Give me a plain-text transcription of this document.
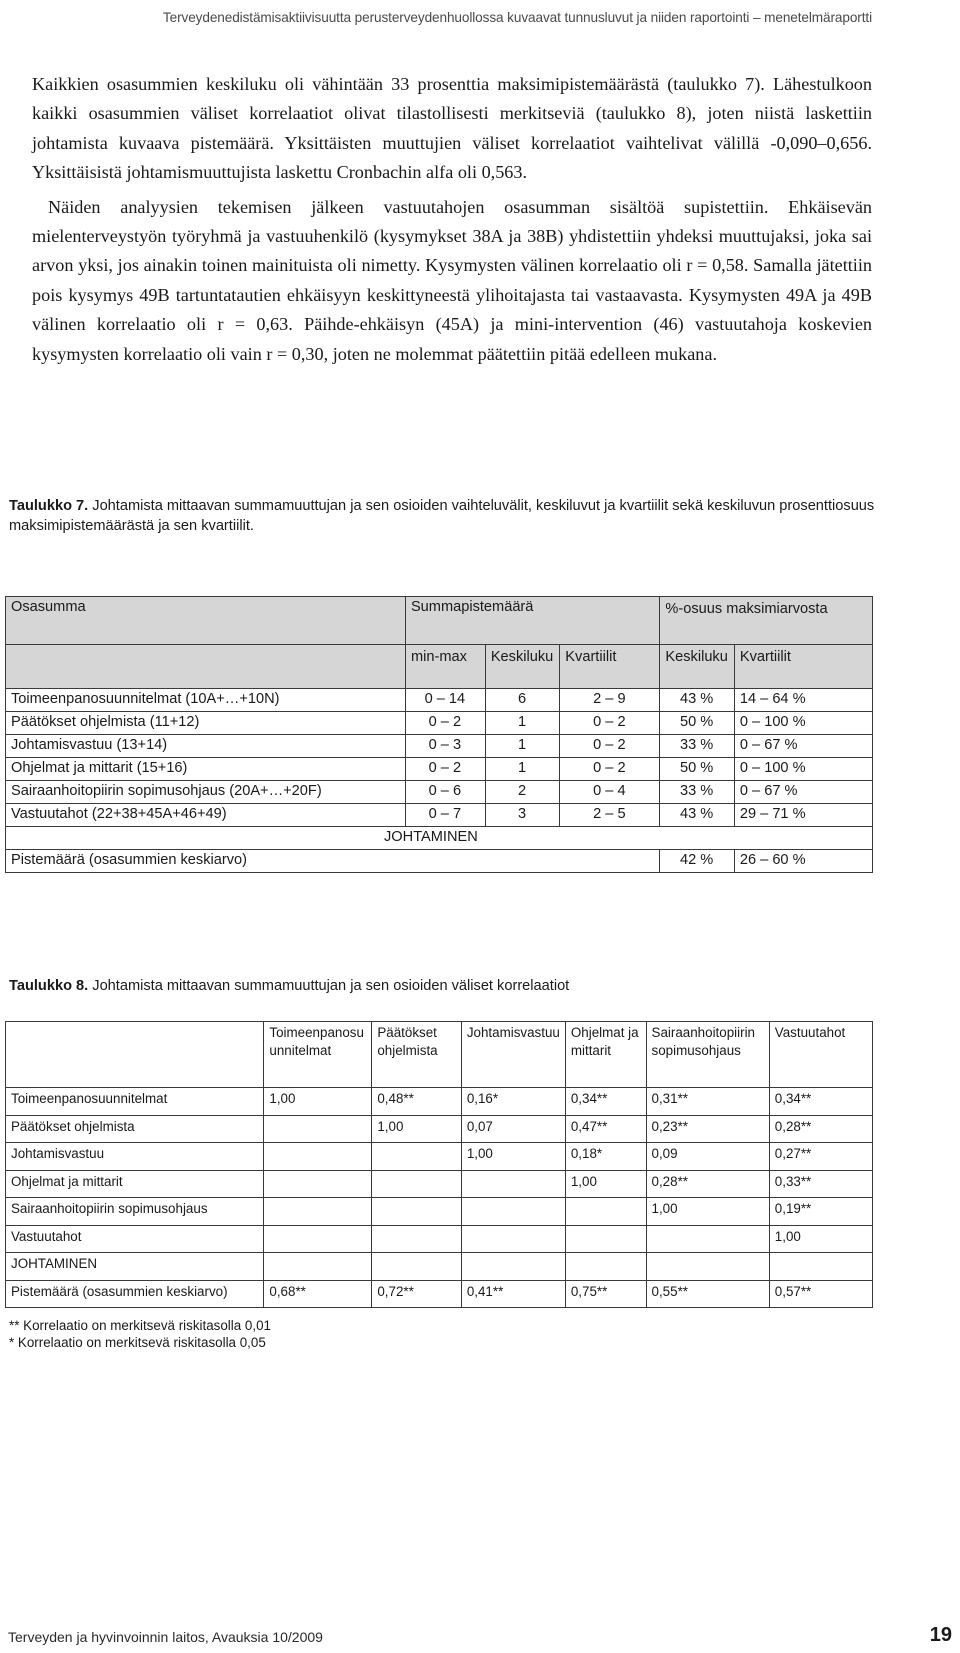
Terveydenedistämisaktiivisuutta perusterveydenhuollossa kuvaavat tunnusluvut ja niiden raportointi – menetelmäraportti

Kaikkien osasummien keskiluku oli vähintään 33 prosenttia maksimipistemäärästä (taulukko 7). Lähestulkoon kaikki osasummien väliset korrelaatiot olivat tilastollisesti merkitseviä (taulukko 8), joten niistä laskettiin johtamista kuvaava pistemäärä. Yksittäisten muuttujien väliset korrelaatiot vaihtelivat välillä -0,090–0,656. Yksittäisistä johtamismuuttujista laskettu Cronbachin alfa oli 0,563.

Näiden analyysien tekemisen jälkeen vastuutahojen osasumman sisältöä supistettiin. Ehkäisevän mielenterveystyön työryhmä ja vastuuhenkilö (kysymykset 38A ja 38B) yhdistettiin yhdeksi muuttujaksi, joka sai arvon yksi, jos ainakin toinen mainituista oli nimetty. Kysymysten välinen korrelaatio oli r = 0,58. Samalla jätettiin pois kysymys 49B tartuntatautien ehkäisyyn keskittyneestä ylihoitajasta tai vastaavasta. Kysymysten 49A ja 49B välinen korrelaatio oli r = 0,63. Päihde-ehkäisyn (45A) ja mini-intervention (46) vastuutahoja koskevien kysymysten korrelaatio oli vain r = 0,30, joten ne molemmat päätettiin pitää edelleen mukana.

Taulukko 7. Johtamista mittaavan summamuuttujan ja sen osioiden vaihteluvälit, keskiluvut ja kvartiilit sekä keskiluvun prosenttiosuus maksimipistemäärästä ja sen kvartiilit.
Osasumma	Summapistemäärä			%-osuus maksimiarvosta	
	min-max	Keskiluku	Kvartiilit	Keskiluku	Kvartiilit
Toimeenpanosuunnitelmat (10A+…+10N)	0 – 14	6	2 – 9	43 %	14 – 64 %
Päätökset ohjelmista (11+12)	0 – 2	1	0 – 2	50 %	0 – 100 %
Johtamisvastuu (13+14)	0 – 3	1	0 – 2	33 %	0 – 67 %
Ohjelmat ja mittarit (15+16)	0 – 2	1	0 – 2	50 %	0 – 100 %
Sairaanhoitopiirin sopimusohjaus (20A+…+20F)	0 – 6	2	0 – 4	33 %	0 – 67 %
Vastuutahot (22+38+45A+46+49)	0 – 7	3	2 – 5	43 %	29 – 71 %
JOHTAMINEN					
Pistemäärä (osasummien keskiarvo)				42 %	26 – 60 %
Taulukko 8. Johtamista mittaavan summamuuttujan ja sen osioiden väliset korrelaatiot
	Toimeenpanosuunnitelmat	Päätökset ohjelmista	Johtamisvastuu	Ohjelmat ja mittarit	Sairaanhoitopiirin sopimusohjaus	Vastuutahot
Toimeenpanosuunnitelmat	1,00	0,48**	0,16*	0,34**	0,31**	0,34**
Päätökset ohjelmista		1,00	0,07	0,47**	0,23**	0,28**
Johtamisvastuu			1,00	0,18*	0,09	0,27**
Ohjelmat ja mittarit				1,00	0,28**	0,33**
Sairaanhoitopiirin sopimusohjaus					1,00	0,19**
Vastuutahot						1,00
JOHTAMINEN						
Pistemäärä (osasummien keskiarvo)	0,68**	0,72**	0,41**	0,75**	0,55**	0,57**
** Korrelaatio on merkitsevä riskitasolla 0,01
* Korrelaatio on merkitsevä riskitasolla 0,05
Terveyden ja hyvinvoinnin laitos, Avauksia 10/2009	19
